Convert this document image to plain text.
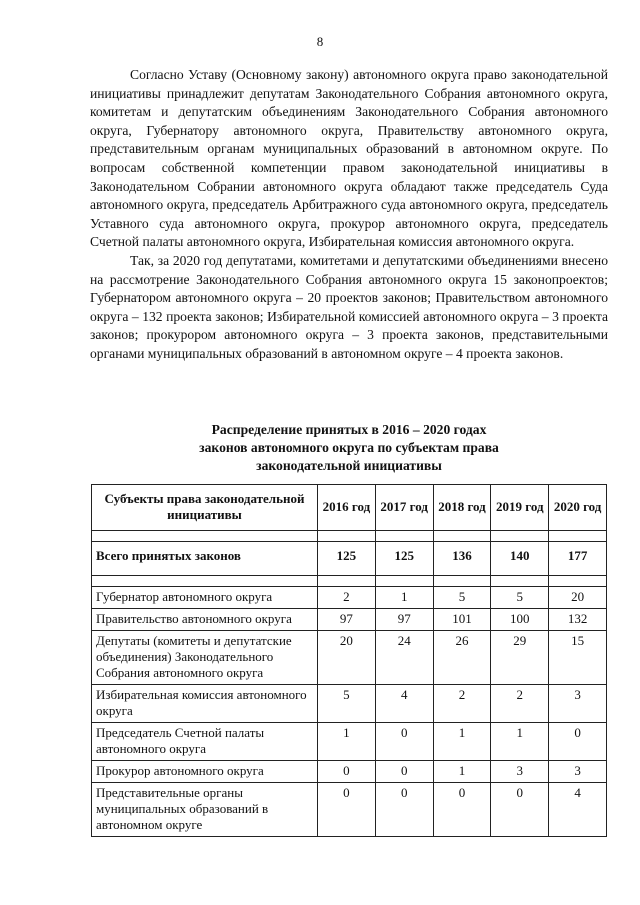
8

Согласно Уставу (Основному закону) автономного округа право законодательной инициативы принадлежит депутатам Законодательного Собрания автономного округа, комитетам и депутатским объединениям Законодательного Собрания автономного округа, Губернатору автономного округа, Правительству автономного округа, представительным органам муниципальных образований в автономном округе. По вопросам собственной компетенции правом законодательной инициативы в Законодательном Собрании автономного округа обладают также председатель Суда автономного округа, председатель Арбитражного суда автономного округа, председатель Уставного суда автономного округа, прокурор автономного округа, председатель Счетной палаты автономного округа, Избирательная комиссия автономного округа.

Так, за 2020 год депутатами, комитетами и депутатскими объединениями внесено на рассмотрение Законодательного Собрания автономного округа 15 законопроектов; Губернатором автономного округа – 20 проектов законов; Правительством автономного округа – 132 проекта законов; Избирательной комиссией автономного округа – 3 проекта законов; прокурором автономного округа – 3 проекта законов, представительными органами муниципальных образований в автономном округе – 4 проекта законов.

Распределение принятых в 2016 – 2020 годах
законов автономного округа по субъектам права
законодательной инициативы
Субъекты права законодательной инициативы	2016 год	2017 год	2018 год	2019 год	2020 год

Всего принятых законов	125	125	136	140	177

Губернатор автономного округа	2	1	5	5	20
Правительство автономного округа	97	97	101	100	132
Депутаты (комитеты и депутатские объединения) Законодательного Собрания автономного округа	20	24	26	29	15
Избирательная комиссия автономного округа	5	4	2	2	3
Председатель Счетной палаты автономного округа	1	0	1	1	0
Прокурор автономного округа	0	0	1	3	3
Представительные органы муниципальных образований в автономном округе	0	0	0	0	4
